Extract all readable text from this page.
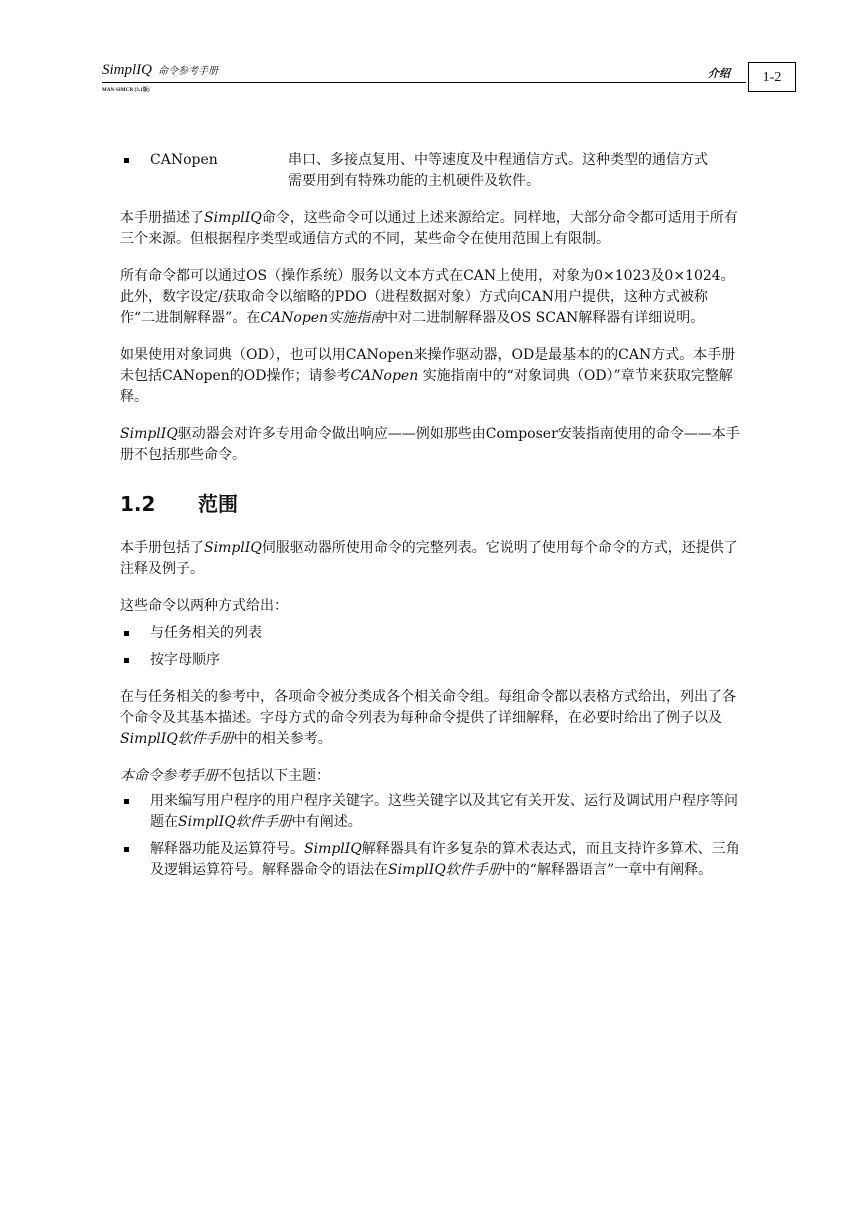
SimplIQ 命令参考手册
MAN-SIMCR (3.1版)
介绍	1-2
CANopen	串口、多接点复用、中等速度及中程通信方式。这种类型的通信方式需要用到有特殊功能的主机硬件及软件。

本手册描述了SimplIQ命令，这些命令可以通过上述来源给定。同样地，大部分命令都可适用于所有三个来源。但根据程序类型或通信方式的不同，某些命令在使用范围上有限制。

所有命令都可以通过OS（操作系统）服务以文本方式在CAN上使用，对象为0×1023及0×1024。此外，数字设定/获取命令以缩略的PDO（进程数据对象）方式向CAN用户提供，这种方式被称作“二进制解释器”。在CANopen实施指南中对二进制解释器及OS SCAN解释器有详细说明。

如果使用对象词典（OD），也可以用CANopen来操作驱动器，OD是最基本的的CAN方式。本手册未包括CANopen的OD操作；请参考CANopen 实施指南中的“对象词典（OD）”章节来获取完整解释。

SimplIQ驱动器会对许多专用命令做出响应——例如那些由Composer安装指南使用的命令——本手册不包括那些命令。

1.2 范围

本手册包括了SimplIQ伺服驱动器所使用命令的完整列表。它说明了使用每个命令的方式，还提供了注释及例子。

这些命令以两种方式给出：

与任务相关的列表
按字母顺序

在与任务相关的参考中，各项命令被分类成各个相关命令组。每组命令都以表格方式给出，列出了各个命令及其基本描述。字母方式的命令列表为每种命令提供了详细解释，在必要时给出了例子以及SimplIQ软件手册中的相关参考。

本命令参考手册不包括以下主题：

用来编写用户程序的用户程序关键字。这些关键字以及其它有关开发、运行及调试用户程序等问题在SimplIQ软件手册中有阐述。
解释器功能及运算符号。SimplIQ解释器具有许多复杂的算术表达式，而且支持许多算术、三角及逻辑运算符号。解释器命令的语法在SimplIQ软件手册中的“解释器语言”一章中有阐释。
